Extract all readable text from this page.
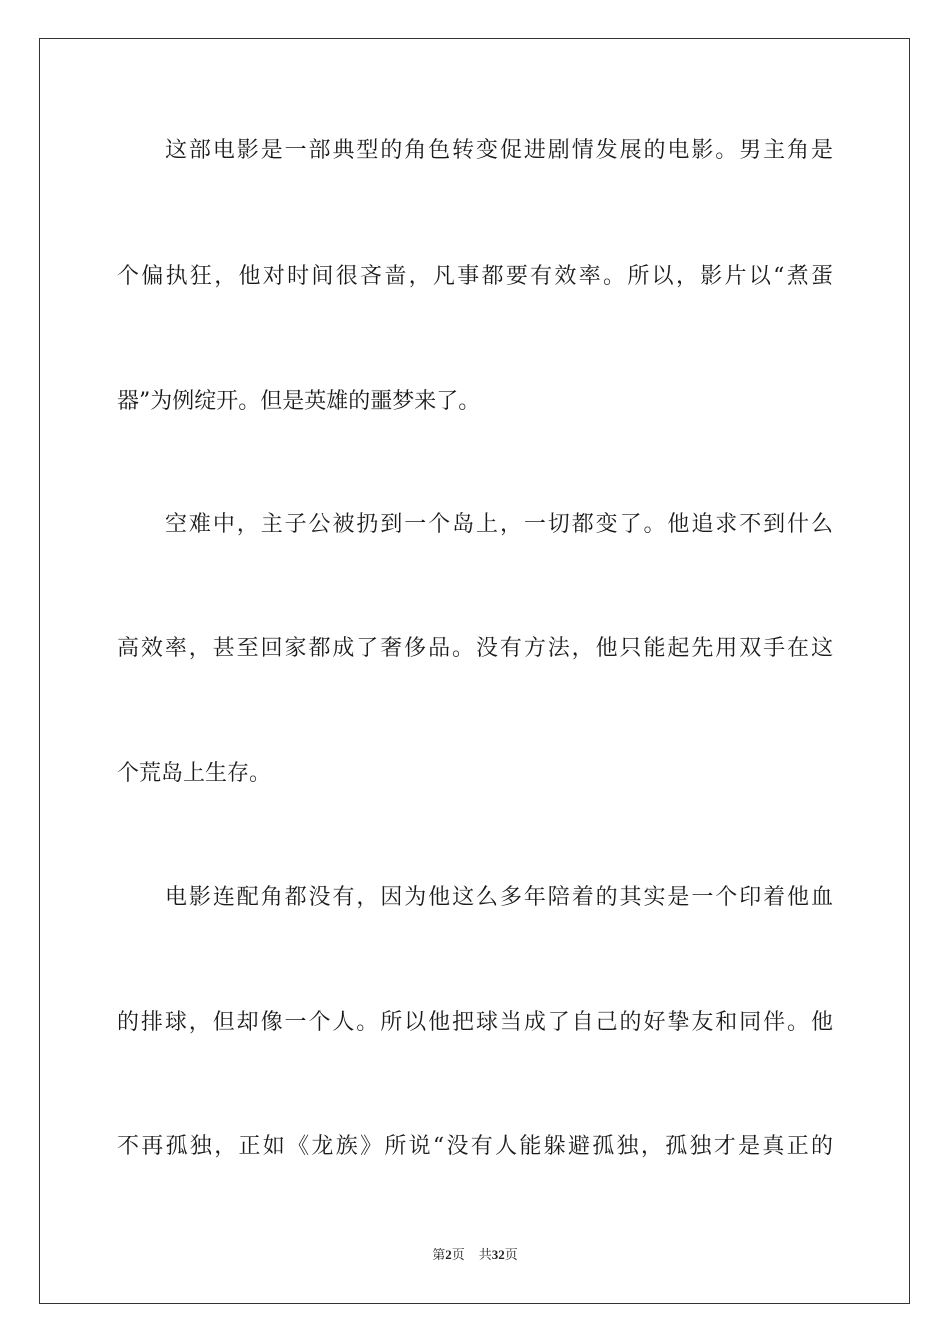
这部电影是一部典型的角色转变促进剧情发展的电影。男主角是
个偏执狂，他对时间很吝啬，凡事都要有效率。所以，影片以“煮蛋
器”为例绽开。但是英雄的噩梦来了。
空难中，主子公被扔到一个岛上，一切都变了。他追求不到什么
高效率，甚至回家都成了奢侈品。没有方法，他只能起先用双手在这
个荒岛上生存。
电影连配角都没有，因为他这么多年陪着的其实是一个印着他血
的排球，但却像一个人。所以他把球当成了自己的好挚友和同伴。他
不再孤独，正如《龙族》所说“没有人能躲避孤独，孤独才是真正的
第2页 共32页
